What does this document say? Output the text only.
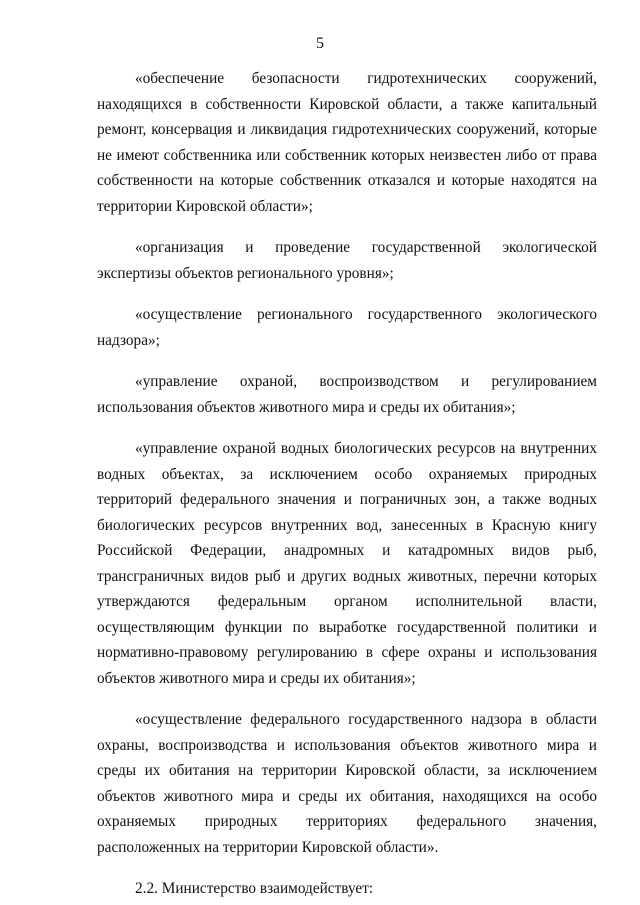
5

«обеспечение безопасности гидротехнических сооружений, находящихся в собственности Кировской области, а также капитальный ремонт, консервация и ликвидация гидротехнических сооружений, которые не имеют собственника или собственник которых неизвестен либо от права собственности на которые собственник отказался и которые находятся на территории Кировской области»;

«организация и проведение государственной экологической экспертизы объектов регионального уровня»;

«осуществление регионального государственного экологического надзора»;

«управление охраной, воспроизводством и регулированием использования объектов животного мира и среды их обитания»;

«управление охраной водных биологических ресурсов на внутренних водных объектах, за исключением особо охраняемых природных территорий федерального значения и пограничных зон, а также водных биологических ресурсов внутренних вод, занесенных в Красную книгу Российской Федерации, анадромных и катадромных видов рыб, трансграничных видов рыб и других водных животных, перечни которых утверждаются федеральным органом исполнительной власти, осуществляющим функции по выработке государственной политики и нормативно-правовому регулированию в сфере охраны и использования объектов животного мира и среды их обитания»;

«осуществление федерального государственного надзора в области охраны, воспроизводства и использования объектов животного мира и среды их обитания на территории Кировской области, за исключением объектов животного мира и среды их обитания, находящихся на особо охраняемых природных территориях федерального значения, расположенных на территории Кировской области».

2.2. Министерство взаимодействует:
